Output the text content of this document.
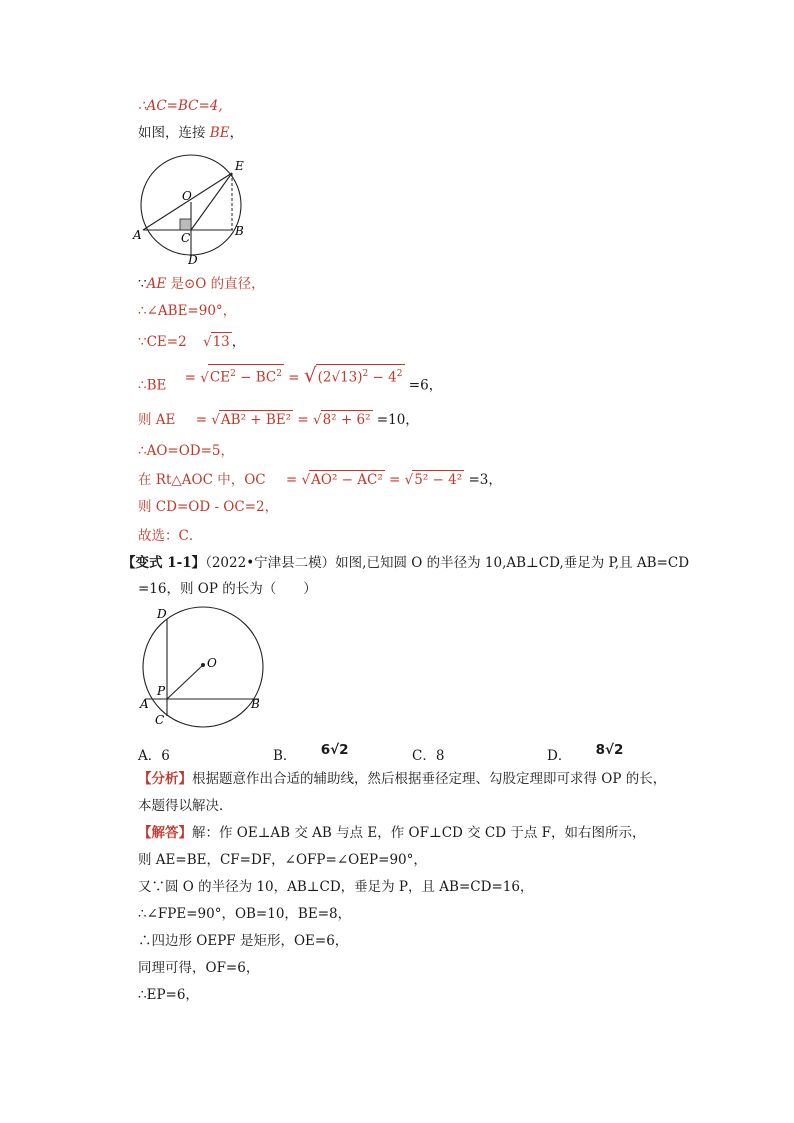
∴AC=BC=4,
如图，连接 BE，
E
O
A	C	B
D
∵AE 是⊙O 的直径，
∴∠ABE=90°，
∵CE=2 √13 ，
∴BE = $√CE^2 - BC^2 = √(2√13)^2 - 4^2 =6$，
则 AE = √AB² + BE² = √8² + 6² =10，
∴AO=OD=5，
在 Rt△AOC 中，OC = √AO² − AC² = √5² − 4² =3，
则 CD=OD - OC=2，
故选：C．
【变式 1-1】（2022•宁津县二模）如图,已知圆 O 的半径为 10,AB⊥CD,垂足为 P,且 AB=CD
=16，则 OP 的长为（　　）
D
O
P
A
C
B
A．6	B． 6√2	C．8	D． 8√2
【分析】根据题意作出合适的辅助线，然后根据垂径定理、勾股定理即可求得 OP 的长，
本题得以解决．
【解答】解：作 OE⊥AB 交 AB 与点 E，作 OF⊥CD 交 CD 于点 F，如右图所示，
则 AE=BE，CF=DF，∠OFP=∠OEP=90°，
又∵圆 O 的半径为 10，AB⊥CD，垂足为 P，且 AB=CD=16，
∴∠FPE=90°，OB=10，BE=8，
∴四边形 OEPF 是矩形，OE=6，
同理可得，OF=6，
∴EP=6，
